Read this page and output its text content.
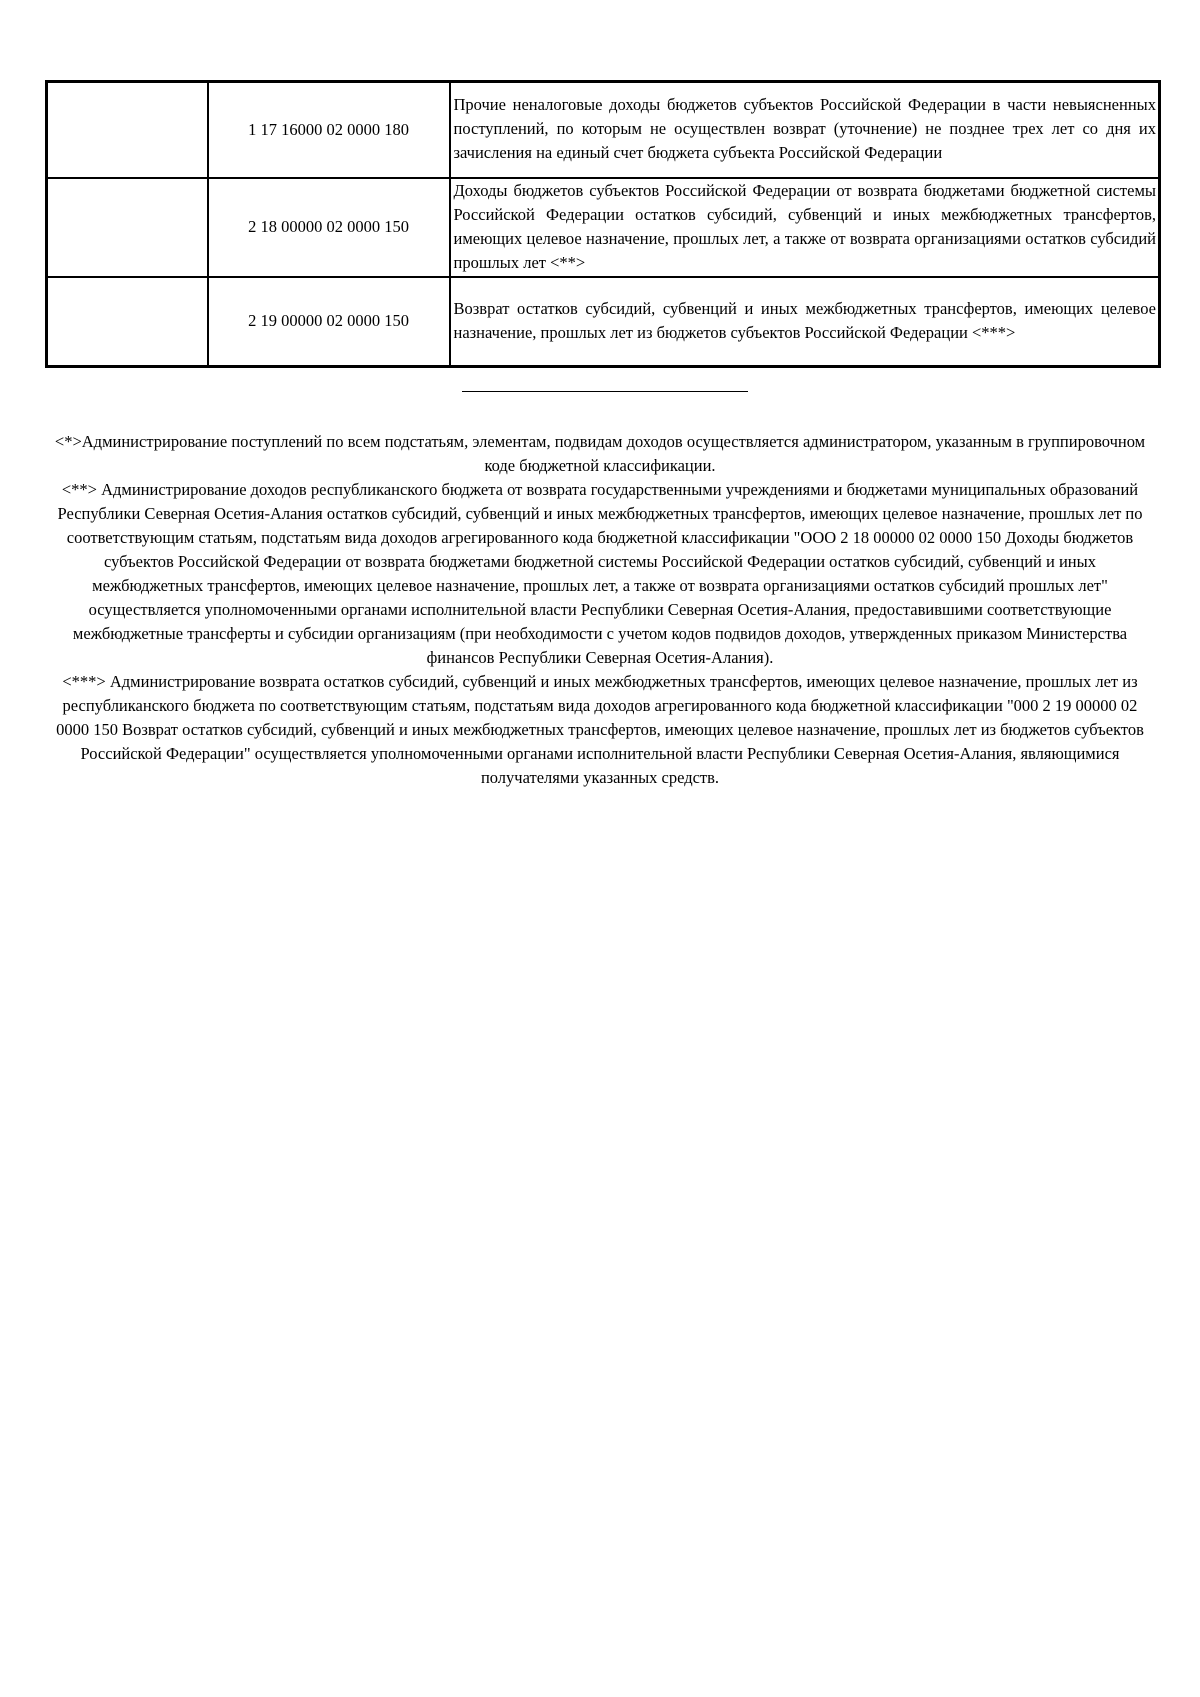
	1 17 16000 02 0000 180	Прочие неналоговые доходы бюджетов субъектов Российской Федерации в части невыясненных поступлений, по которым не осуществлен возврат (уточнение) не позднее трех лет со дня их зачисления на единый счет бюджета субъекта Российской Федерации
	2 18 00000 02 0000 150	Доходы бюджетов субъектов Российской Федерации от возврата бюджетами бюджетной системы Российской Федерации остатков субсидий, субвенций и иных межбюджетных трансфертов, имеющих целевое назначение, прошлых лет, а также от возврата организациями остатков субсидий прошлых лет <**>
	2 19 00000 02 0000 150	Возврат остатков субсидий, субвенций и иных межбюджетных трансфертов, имеющих целевое назначение, прошлых лет из бюджетов субъектов Российской Федерации <***>

<*>Администрирование поступлений по всем подстатьям, элементам, подвидам доходов осуществляется администратором, указанным в группировочном коде бюджетной классификации.

<**> Администрирование доходов республиканского бюджета от возврата государственными учреждениями и бюджетами муниципальных образований Республики Северная Осетия-Алания остатков субсидий, субвенций и иных межбюджетных трансфертов, имеющих целевое назначение, прошлых лет по соответствующим статьям, подстатьям вида доходов агрегированного кода бюджетной классификации "ООО 2 18 00000 02 0000 150 Доходы бюджетов субъектов Российской Федерации от возврата бюджетами бюджетной системы Российской Федерации остатков субсидий, субвенций и иных межбюджетных трансфертов, имеющих целевое назначение, прошлых лет, а также от возврата организациями остатков субсидий прошлых лет" осуществляется уполномоченными органами исполнительной власти Республики Северная Осетия-Алания, предоставившими соответствующие межбюджетные трансферты и субсидии организациям (при необходимости с учетом кодов подвидов доходов, утвержденных приказом Министерства финансов Республики Северная Осетия-Алания).

<***> Администрирование возврата остатков субсидий, субвенций и иных межбюджетных трансфертов, имеющих целевое назначение, прошлых лет из республиканского бюджета по соответствующим статьям, подстатьям вида доходов агрегированного кода бюджетной классификации "000 2 19 00000 02 0000 150 Возврат остатков субсидий, субвенций и иных межбюджетных трансфертов, имеющих целевое назначение, прошлых лет из бюджетов субъектов Российской Федерации" осуществляется уполномоченными органами исполнительной власти Республики Северная Осетия-Алания, являющимися получателями указанных средств.
